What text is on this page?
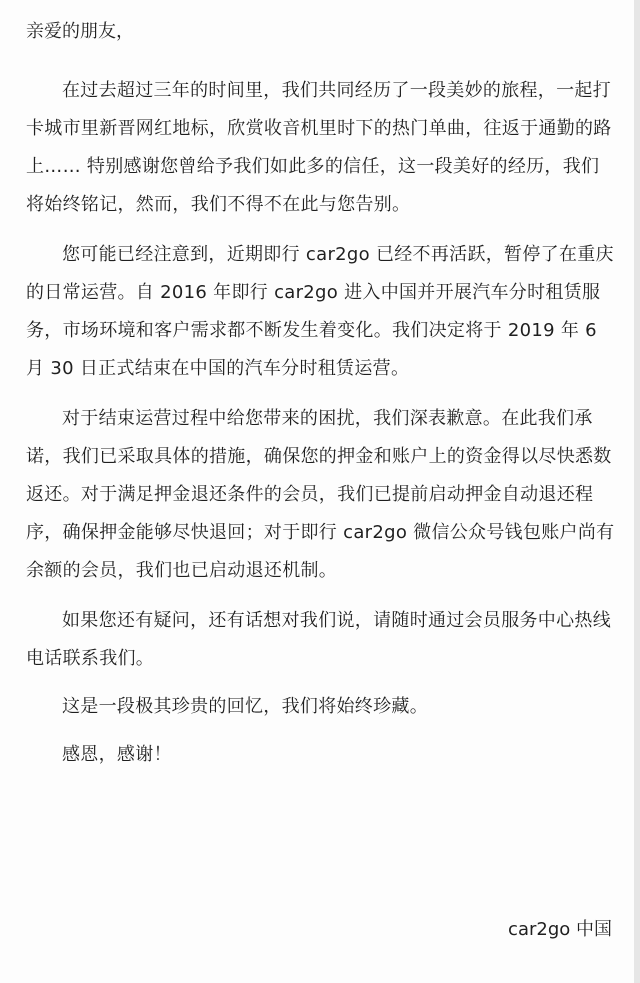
亲爱的朋友，

在过去超过三年的时间里，我们共同经历了一段美妙的旅程，一起打卡城市里新晋网红地标，欣赏收音机里时下的热门单曲，往返于通勤的路上…… 特别感谢您曾给予我们如此多的信任，这一段美好的经历，我们将始终铭记，然而，我们不得不在此与您告别。

您可能已经注意到，近期即行 car2go 已经不再活跃，暂停了在重庆的日常运营。自 2016 年即行 car2go 进入中国并开展汽车分时租赁服务，市场环境和客户需求都不断发生着变化。我们决定将于 2019 年 6 月 30 日正式结束在中国的汽车分时租赁运营。

对于结束运营过程中给您带来的困扰，我们深表歉意。在此我们承诺，我们已采取具体的措施，确保您的押金和账户上的资金得以尽快悉数返还。对于满足押金退还条件的会员，我们已提前启动押金自动退还程序，确保押金能够尽快退回；对于即行 car2go 微信公众号钱包账户尚有余额的会员，我们也已启动退还机制。

如果您还有疑问，还有话想对我们说，请随时通过会员服务中心热线电话联系我们。

这是一段极其珍贵的回忆，我们将始终珍藏。

感恩，感谢！

car2go 中国
